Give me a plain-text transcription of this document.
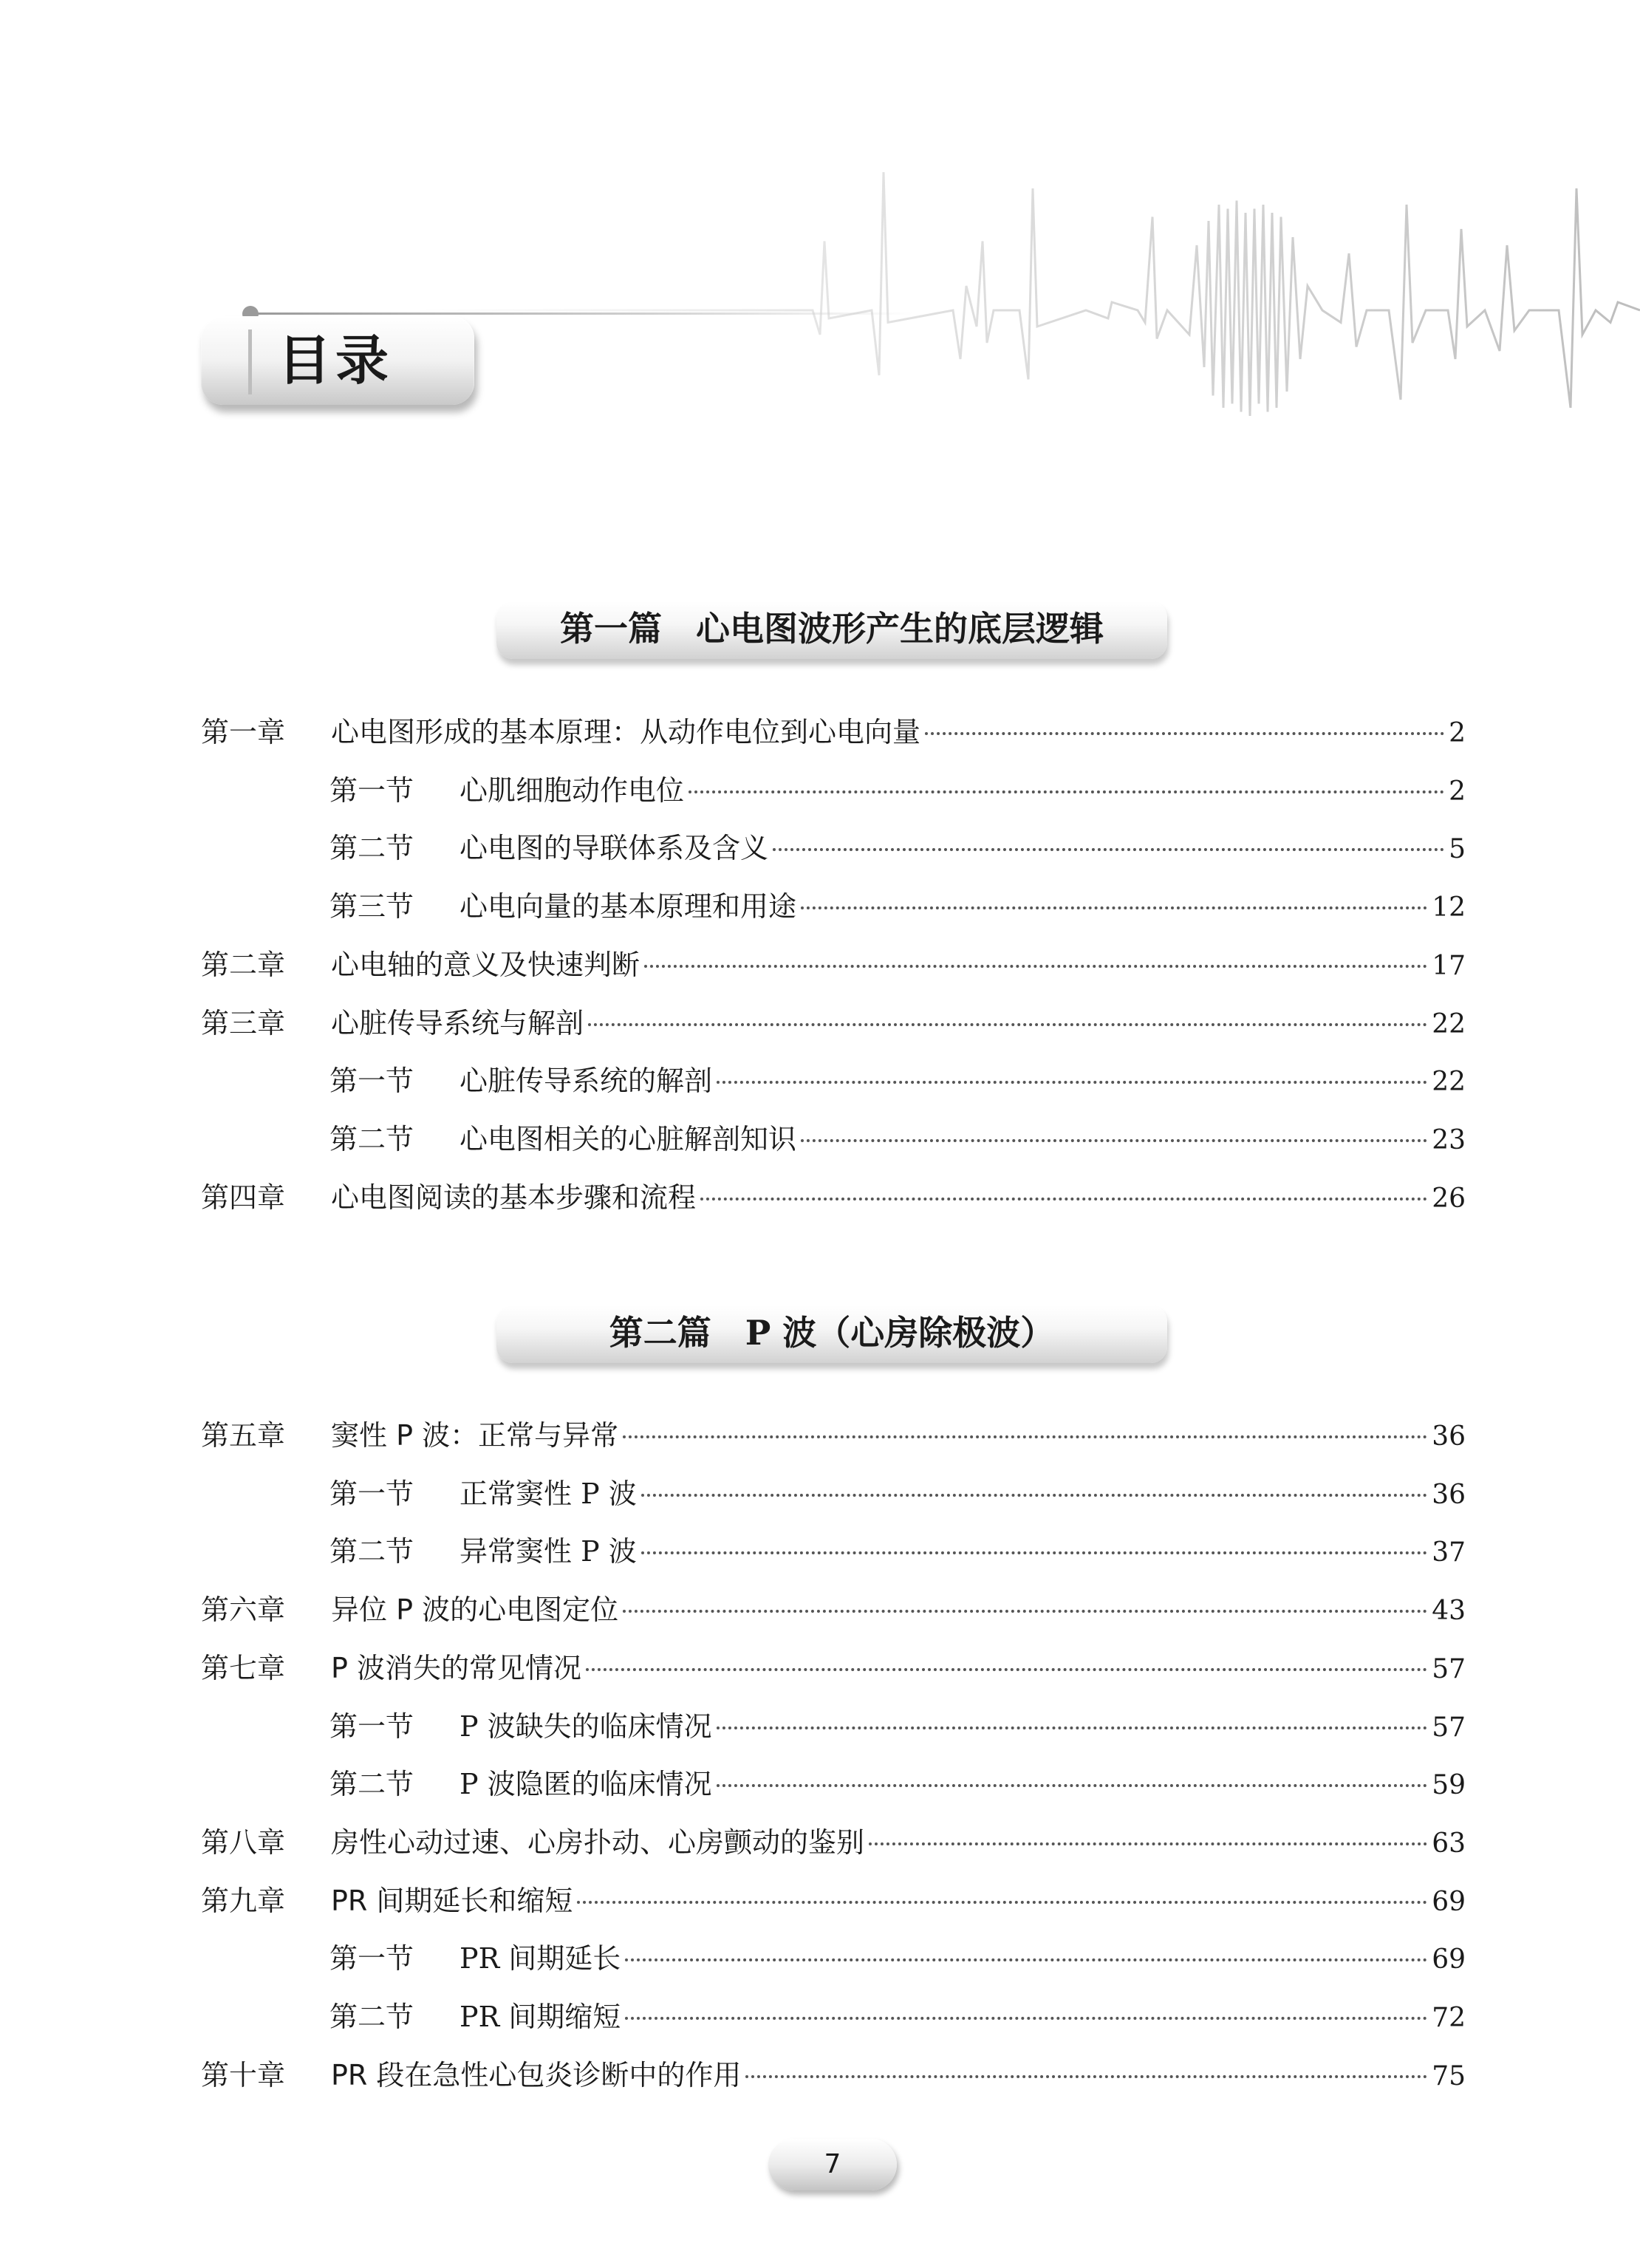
目录
第一篇　心电图波形产生的底层逻辑
第二篇　P 波（心房除极波）
第一章	心电图形成的基本原理：从动作电位到心电向量	2
第一节	心肌细胞动作电位	2
第二节	心电图的导联体系及含义	5
第三节	心电向量的基本原理和用途	12
第二章	心电轴的意义及快速判断	17
第三章	心脏传导系统与解剖	22
第一节	心脏传导系统的解剖	22
第二节	心电图相关的心脏解剖知识	23
第四章	心电图阅读的基本步骤和流程	26
第五章	窦性 P 波：正常与异常	36
第一节	正常窦性 P 波	36
第二节	异常窦性 P 波	37
第六章	异位 P 波的心电图定位	43
第七章	P 波消失的常见情况	57
第一节	P 波缺失的临床情况	57
第二节	P 波隐匿的临床情况	59
第八章	房性心动过速、心房扑动、心房颤动的鉴别	63
第九章	PR 间期延长和缩短	69
第一节	PR 间期延长	69
第二节	PR 间期缩短	72
第十章	PR 段在急性心包炎诊断中的作用	75
7
